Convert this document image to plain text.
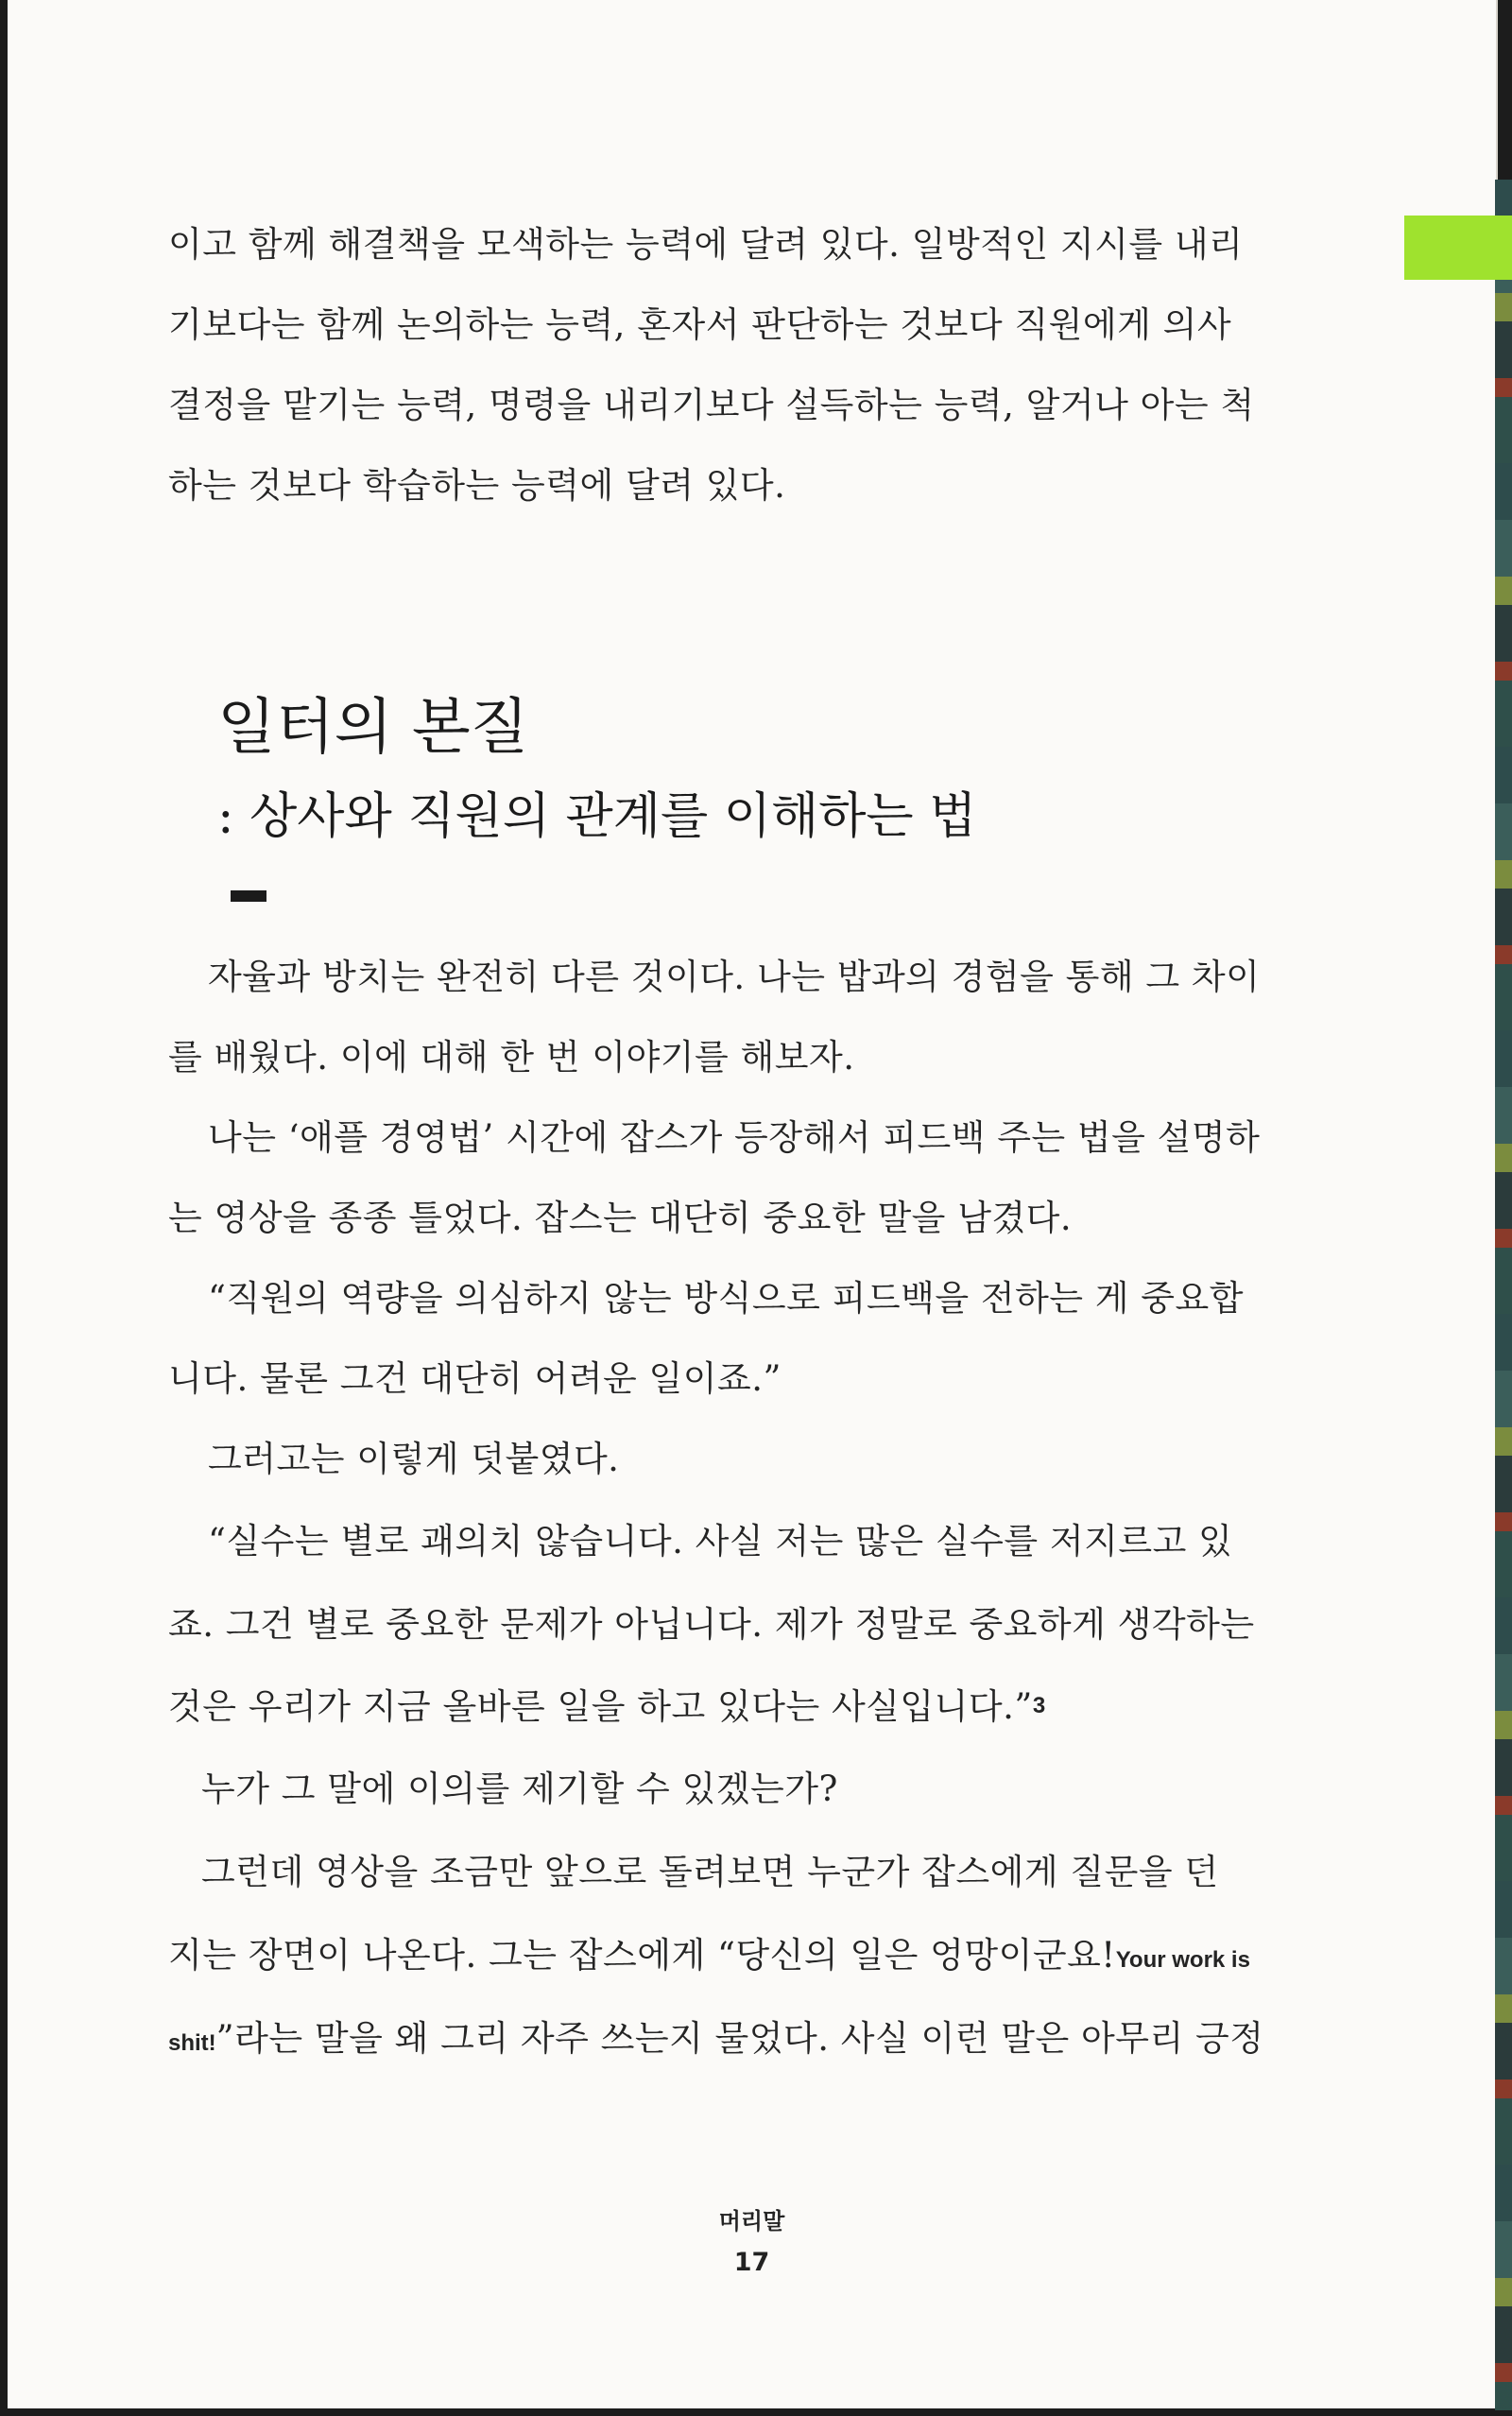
이고 함께 해결책을 모색하는 능력에 달려 있다. 일방적인 지시를 내리
기보다는 함께 논의하는 능력, 혼자서 판단하는 것보다 직원에게 의사
결정을 맡기는 능력, 명령을 내리기보다 설득하는 능력, 알거나 아는 척
하는 것보다 학습하는 능력에 달려 있다.
일터의 본질
: 상사와 직원의 관계를 이해하는 법
자율과 방치는 완전히 다른 것이다. 나는 밥과의 경험을 통해 그 차이
를 배웠다. 이에 대해 한 번 이야기를 해보자.
나는 ‘애플 경영법’ 시간에 잡스가 등장해서 피드백 주는 법을 설명하
는 영상을 종종 틀었다. 잡스는 대단히 중요한 말을 남겼다.
“직원의 역량을 의심하지 않는 방식으로 피드백을 전하는 게 중요합
니다. 물론 그건 대단히 어려운 일이죠.”
그러고는 이렇게 덧붙였다.
“실수는 별로 괘의치 않습니다. 사실 저는 많은 실수를 저지르고 있
죠. 그건 별로 중요한 문제가 아닙니다. 제가 정말로 중요하게 생각하는
것은 우리가 지금 올바른 일을 하고 있다는 사실입니다.”3
누가 그 말에 이의를 제기할 수 있겠는가?
그런데 영상을 조금만 앞으로 돌려보면 누군가 잡스에게 질문을 던
지는 장면이 나온다. 그는 잡스에게 “당신의 일은 엉망이군요!Your work is
shit!”라는 말을 왜 그리 자주 쓰는지 물었다. 사실 이런 말은 아무리 긍정
머리말
17
